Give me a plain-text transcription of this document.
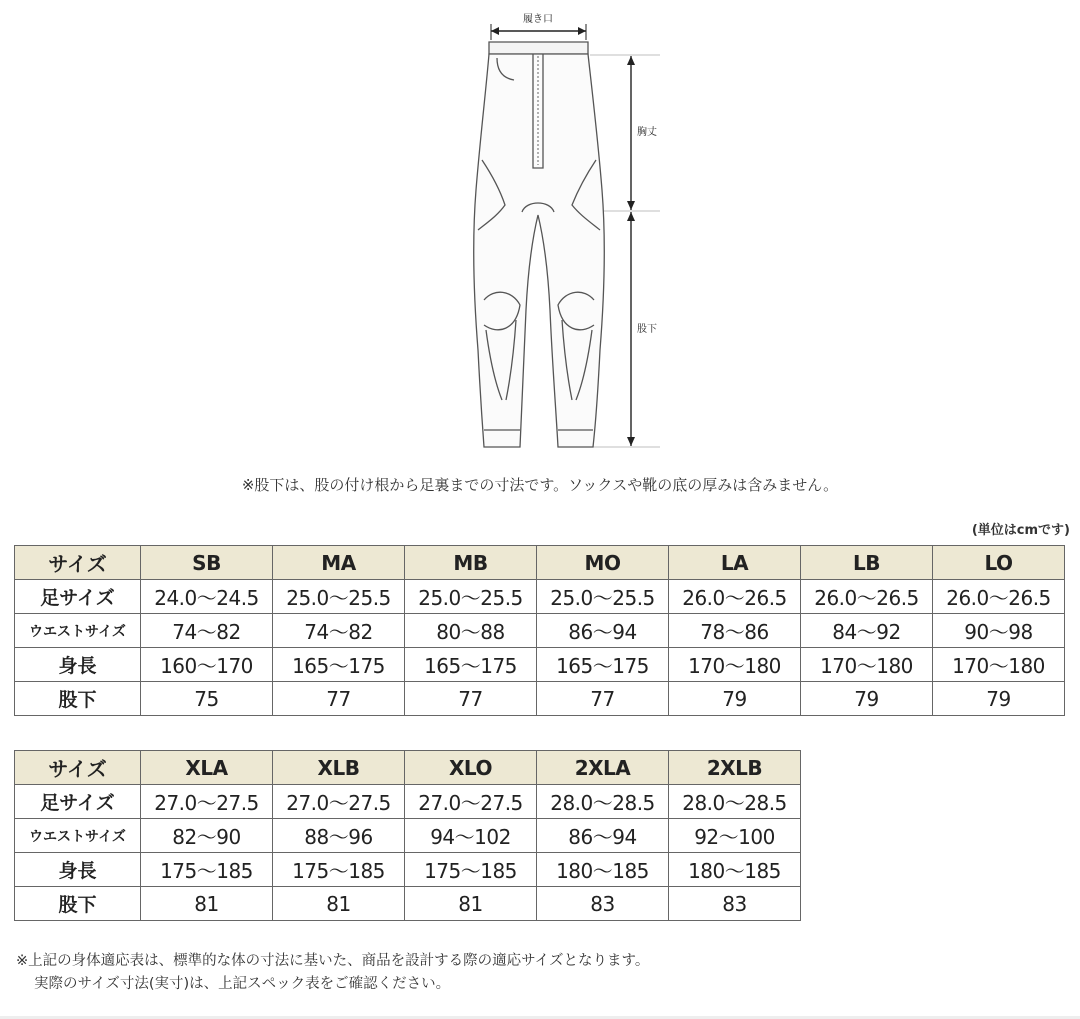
履き口
胸丈
股下
※股下は、股の付け根から足裏までの寸法です。ソックスや靴の底の厚みは含みません。
(単位はcmです)
サイズ	SB	MA	MB	MO	LA	LB	LO
足サイズ	24.0～24.5	25.0～25.5	25.0～25.5	25.0～25.5	26.0～26.5	26.0～26.5	26.0～26.5
ウエストサイズ	74～82	74～82	80～88	86～94	78～86	84～92	90～98
身長	160～170	165～175	165～175	165～175	170～180	170～180	170～180
股下	75	77	77	77	79	79	79
サイズ	XLA	XLB	XLO	2XLA	2XLB
足サイズ	27.0～27.5	27.0～27.5	27.0～27.5	28.0～28.5	28.0～28.5
ウエストサイズ	82～90	88～96	94～102	86～94	92～100
身長	175～185	175～185	175～185	180～185	180～185
股下	81	81	81	83	83
※上記の身体適応表は、標準的な体の寸法に基いた、商品を設計する際の適応サイズとなります。
実際のサイズ寸法(実寸)は、上記スペック表をご確認ください。
